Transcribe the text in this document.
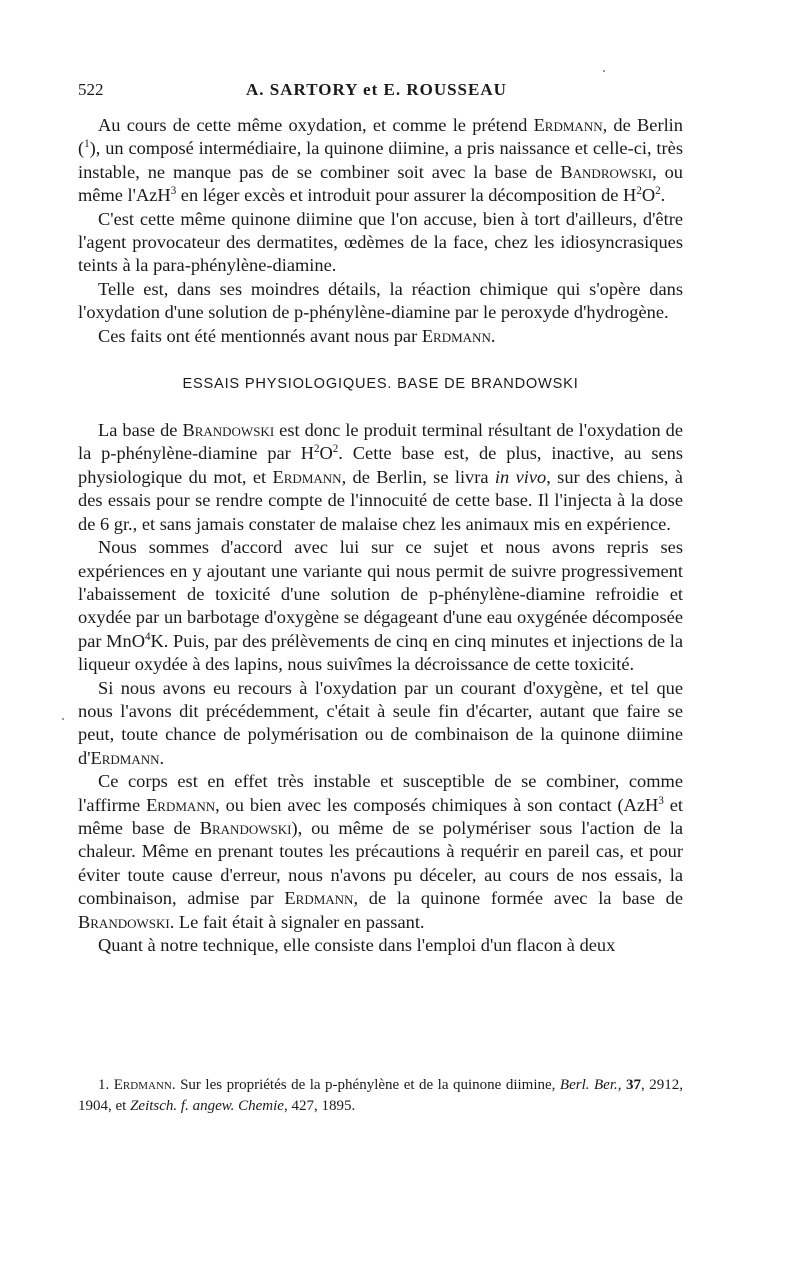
522	A. SARTORY et E. ROUSSEAU

Au cours de cette même oxydation, et comme le prétend Erdmann, de Berlin ($^1$), un composé intermédiaire, la quinone diimine, a pris naissance et celle-ci, très instable, ne manque pas de se combiner soit avec la base de Bandrowski, ou même l'AzH$^3$ en léger excès et introduit pour assurer la décomposition de $H^2O^2$.

C'est cette même quinone diimine que l'on accuse, bien à tort d'ailleurs, d'être l'agent provocateur des dermatites, œdèmes de la face, chez les idiosyncrasiques teints à la para-phénylène-diamine.

Telle est, dans ses moindres détails, la réaction chimique qui s'opère dans l'oxydation d'une solution de p-phénylène-diamine par le peroxyde d'hydrogène.

Ces faits ont été mentionnés avant nous par Erdmann.

ESSAIS PHYSIOLOGIQUES. BASE DE BRANDOWSKI

La base de Brandowski est donc le produit terminal résultant de l'oxydation de la p-phénylène-diamine par $H^2O^2$. Cette base est, de plus, inactive, au sens physiologique du mot, et Erdmann, de Berlin, se livra in vivo, sur des chiens, à des essais pour se rendre compte de l'innocuité de cette base. Il l'injecta à la dose de 6 gr., et sans jamais constater de malaise chez les animaux mis en expérience.

Nous sommes d'accord avec lui sur ce sujet et nous avons repris ses expériences en y ajoutant une variante qui nous permit de suivre progressivement l'abaissement de toxicité d'une solution de p-phénylène-diamine refroidie et oxydée par un barbotage d'oxygène se dégageant d'une eau oxygénée décomposée par MnO$^4$K. Puis, par des prélèvements de cinq en cinq minutes et injections de la liqueur oxydée à des lapins, nous suivîmes la décroissance de cette toxicité.

Si nous avons eu recours à l'oxydation par un courant d'oxygène, et tel que nous l'avons dit précédemment, c'était à seule fin d'écarter, autant que faire se peut, toute chance de polymérisation ou de combinaison de la quinone diimine d'Erdmann.

Ce corps est en effet très instable et susceptible de se combiner, comme l'affirme Erdmann, ou bien avec les composés chimiques à son contact (AzH$^3$ et même base de Brandowski), ou même de se polymériser sous l'action de la chaleur. Même en prenant toutes les précautions à requérir en pareil cas, et pour éviter toute cause d'erreur, nous n'avons pu déceler, au cours de nos essais, la combinaison, admise par Erdmann, de la quinone formée avec la base de Brandowski. Le fait était à signaler en passant.

Quant à notre technique, elle consiste dans l'emploi d'un flacon à deux

1. Erdmann. Sur les propriétés de la p-phénylène et de la quinone diimine, Berl. Ber., 37, 2912, 1904, et Zeitsch. f. angew. Chemie, 427, 1895.
